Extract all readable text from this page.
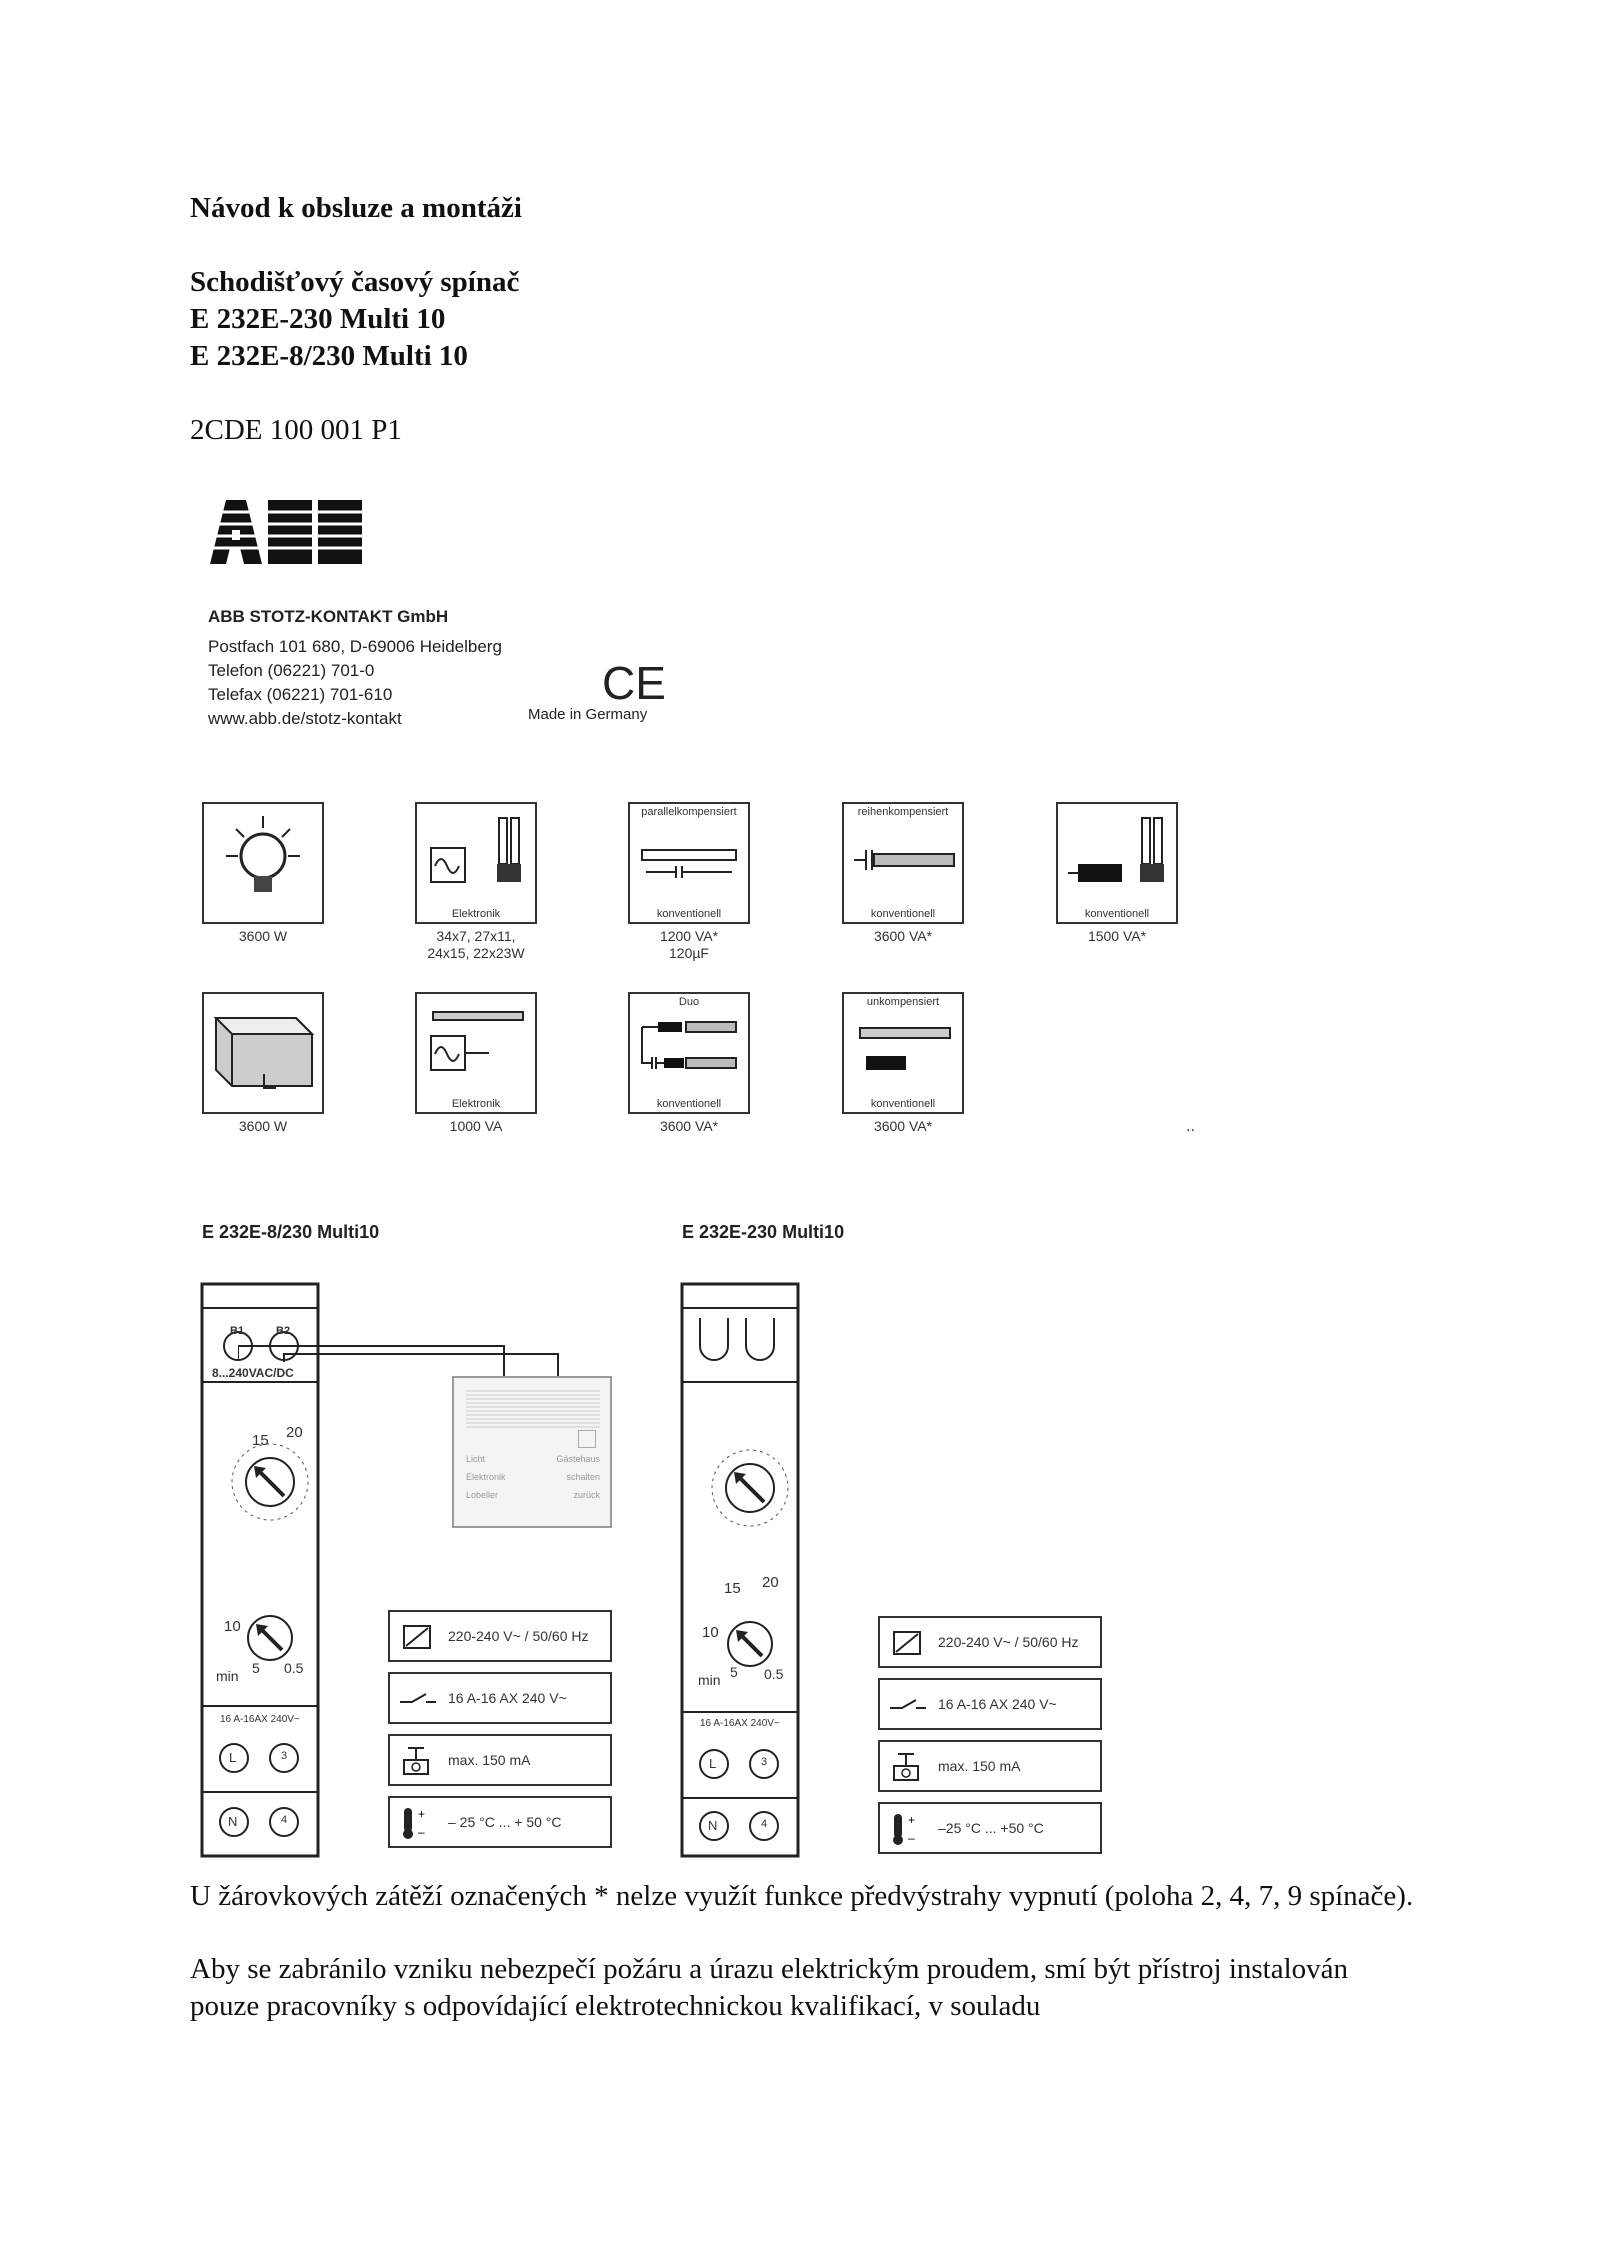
Návod k obsluze a montáži

Schodišťový časový spínač

E 232E-230 Multi 10

E 232E-8/230 Multi 10

2CDE 100 001 P1

ABB STOTZ-KONTAKT GmbH
Postfach 101 680, D-69006 Heidelberg
Telefon (06221) 701-0
Telefax (06221) 701-610
www.abb.de/stotz-kontakt
CE
Made in Germany
Elektronik
parallelkompensiert
konventionell
reihenkompensiert
konventionell	konventionell
3600 W	34x7, 27x11,
24x15, 22x23W
1200 VA*
120µF
3600 VA*	1500 VA*
Elektronik
Duo
konventionell
unkompensiert
konventionell
3600 W	1000 VA	3600 VA*	3600 VA*	..
E 232E-8/230 Multi10	E 232E-230 Multi10
B1	B2
8...240VAC/DC
15 20
10
min 5 0.5
16 A-16AX 240V~
L	3
N	4
Licht	Gästehaus
Elektronik	schalten
Lobeller	zurück
15 20
10
min 5 0.5
16 A-16AX 240V~
L	3
N	4
220-240 V~ / 50/60 Hz
16 A-16 AX 240 V~
max. 150 mA
+
–
– 25 °C ... + 50 °C
220-240 V~ / 50/60 Hz
16 A-16 AX 240 V~
max. 150 mA
+
–
–25 °C ... +50 °C

U žárovkových zátěží označených * nelze využít funkce předvýstrahy vypnutí (poloha 2, 4, 7, 9 spínače).

Aby se zabránilo vzniku nebezpečí požáru a úrazu elektrickým proudem, smí být přístroj instalován pouze pracovníky s odpovídající elektrotechnickou kvalifikací, v souladu
